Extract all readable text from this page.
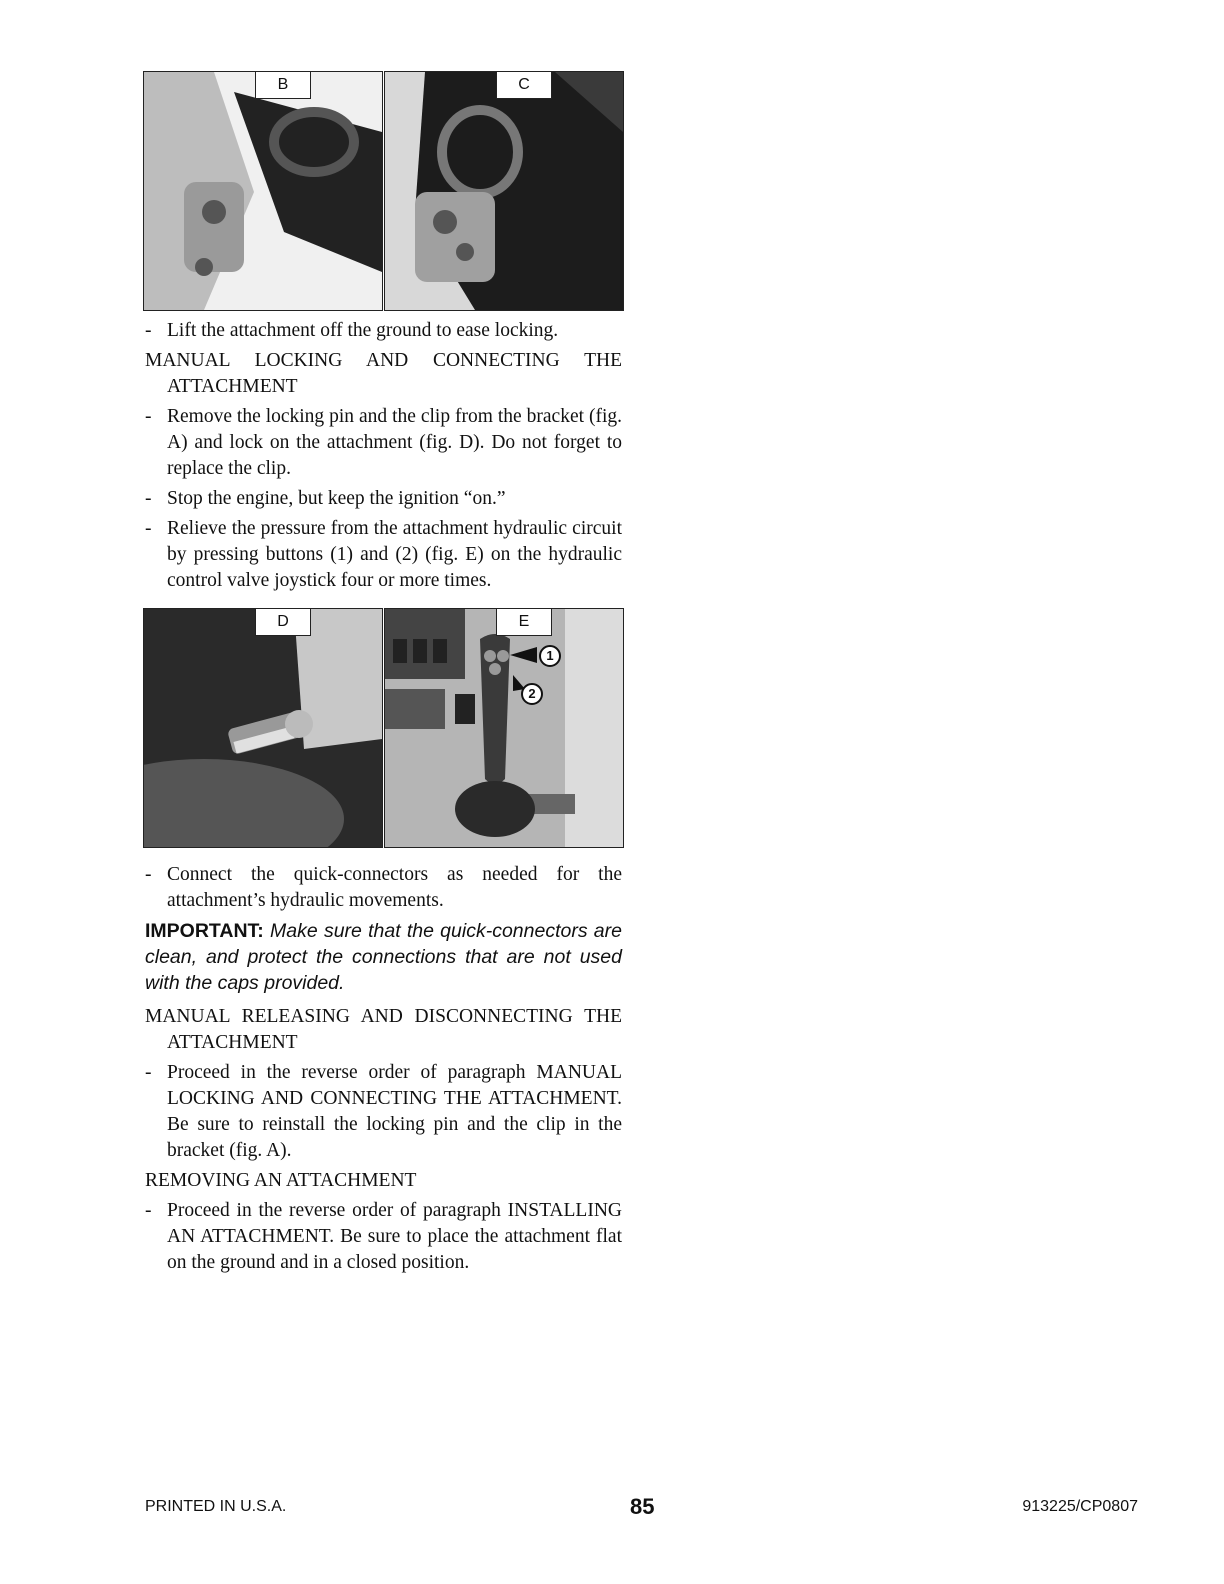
B	C
- Lift the attachment off the ground to ease locking.
MANUAL LOCKING AND CONNECTING THE ATTACHMENT
- Remove the locking pin and the clip from the bracket (fig. A) and lock on the attachment (fig. D). Do not forget to replace the clip.
- Stop the engine, but keep the ignition “on.”
- Relieve the pressure from the attachment hydraulic circuit by pressing buttons (1) and (2) (fig. E) on the hydraulic control valve joystick four or more times.
D	E
1
2
- Connect the quick-connectors as needed for the attachment’s hydraulic movements.
IMPORTANT: Make sure that the quick-connectors are clean, and protect the connections that are not used with the caps provided.
MANUAL RELEASING AND DISCONNECTING THE ATTACHMENT
- Proceed in the reverse order of paragraph MANUAL LOCKING AND CONNECTING THE ATTACHMENT. Be sure to reinstall the locking pin and the clip in the bracket (fig. A).
REMOVING AN ATTACHMENT
- Proceed in the reverse order of paragraph INSTALLING AN ATTACHMENT. Be sure to place the attachment flat on the ground and in a closed position.
PRINTED IN U.S.A.	85	913225/CP0807
